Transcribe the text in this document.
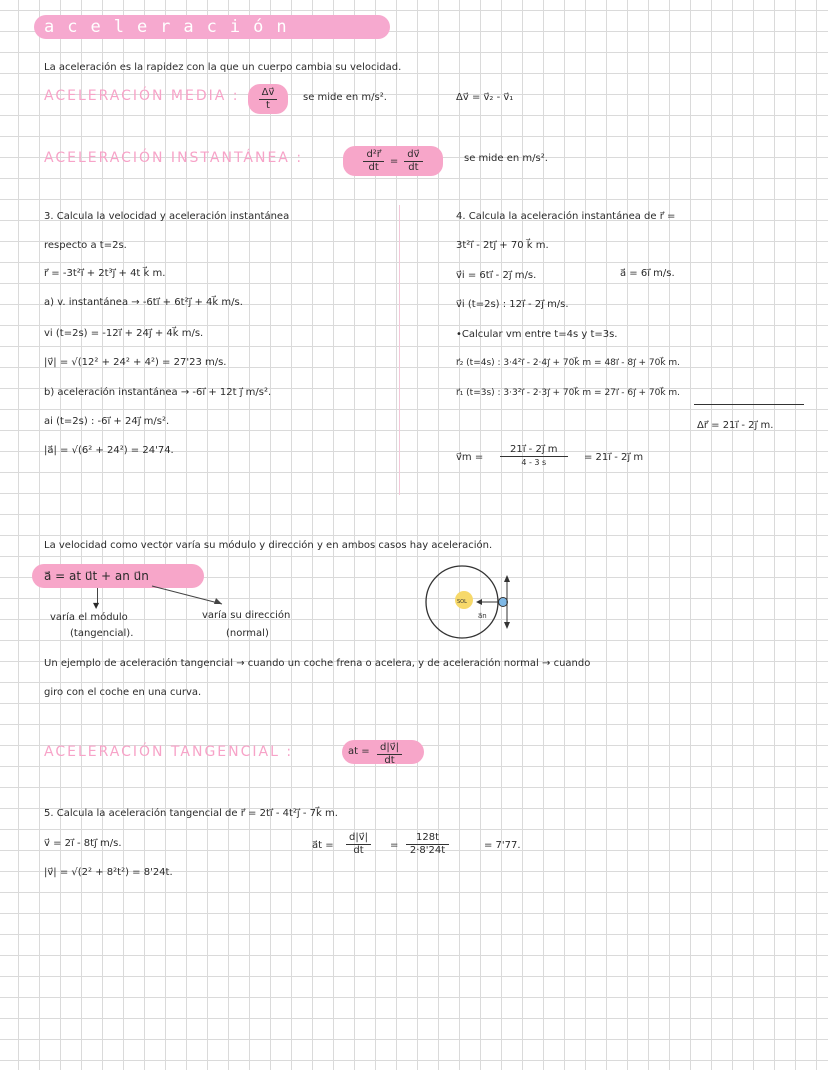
aceleración
La aceleración es la rapidez con la que un cuerpo cambia su velocidad.
ACELERACIÓN MEDIA : $\frac{\Delta v⃗}{t}$ se mide en m/s².	Δv⃗ = v⃗₂ - v⃗₁
ACELERACIÓN INSTANTÁNEA :	$\frac{\text{d²r⃗}}{dt} = \frac{dv⃗}{dt}$	se mide en m/s².
3. Calcula la velocidad y aceleración instantánea
respecto a t=2s.
r⃗ = -3t²i⃗ + 2t³j⃗ + 4t k⃗ m.
a) v. instantánea → -6ti⃗ + 6t²j⃗ + 4k⃗ m/s.
vi (t=2s) = -12i⃗ + 24j⃗ + 4k⃗ m/s.
|v⃗| = √(12² + 24² + 4²) = 27'23 m/s.
b) aceleración instantánea → -6i⃗ + 12t j⃗ m/s².
ai (t=2s) : -6i⃗ + 24j⃗ m/s².
|a⃗| = √(6² + 24²) = 24'74.
4. Calcula la aceleración instantánea de r⃗ =
3t²i⃗ - 2tj⃗ + 70 k⃗ m.
v⃗i = 6ti⃗ - 2j⃗ m/s.	a⃗ = 6i⃗ m/s.
v⃗i (t=2s) : 12i⃗ - 2j⃗ m/s.
•Calcular vm entre t=4s y t=3s.
r⃗₂ (t=4s) : 3·4²i⃗ - 2·4j⃗ + 70k⃗ m = 48i⃗ - 8j⃗ + 70k⃗ m.
r⃗₁ (t=3s) : 3·3²i⃗ - 2·3j⃗ + 70k⃗ m = 27i⃗ - 6j⃗ + 70k⃗ m.
Δr⃗ = 21i⃗ - 2j⃗ m.
v⃗m =
21i⃗ - 2j⃗ m
4 - 3 s	= 21i⃗ - 2j⃗ m
La velocidad como vector varía su módulo y dirección y en ambos casos hay aceleración.
a⃗ = at u⃗t + an u⃗n
▼
varía el módulo
(tangencial).
varía su dirección
(normal)
SOL
a⃗n
Un ejemplo de aceleración tangencial → cuando un coche frena o acelera, y de aceleración normal → cuando
giro con el coche en una curva.
ACELERACIÓN TANGENCIAL :	at = $\frac{d|v⃗|}{dt}$
5. Calcula la aceleración tangencial de r⃗ = 2ti⃗ - 4t²j⃗ - 7k⃗ m.
v⃗ = 2i⃗ - 8tj⃗ m/s.
|v⃗| = √(2² + 8²t²) = 8'24t.
a⃗t = $\frac{d|v⃗|}{dt} = \frac{128t}{2\cdot 8'24t}$	= 7'77.
